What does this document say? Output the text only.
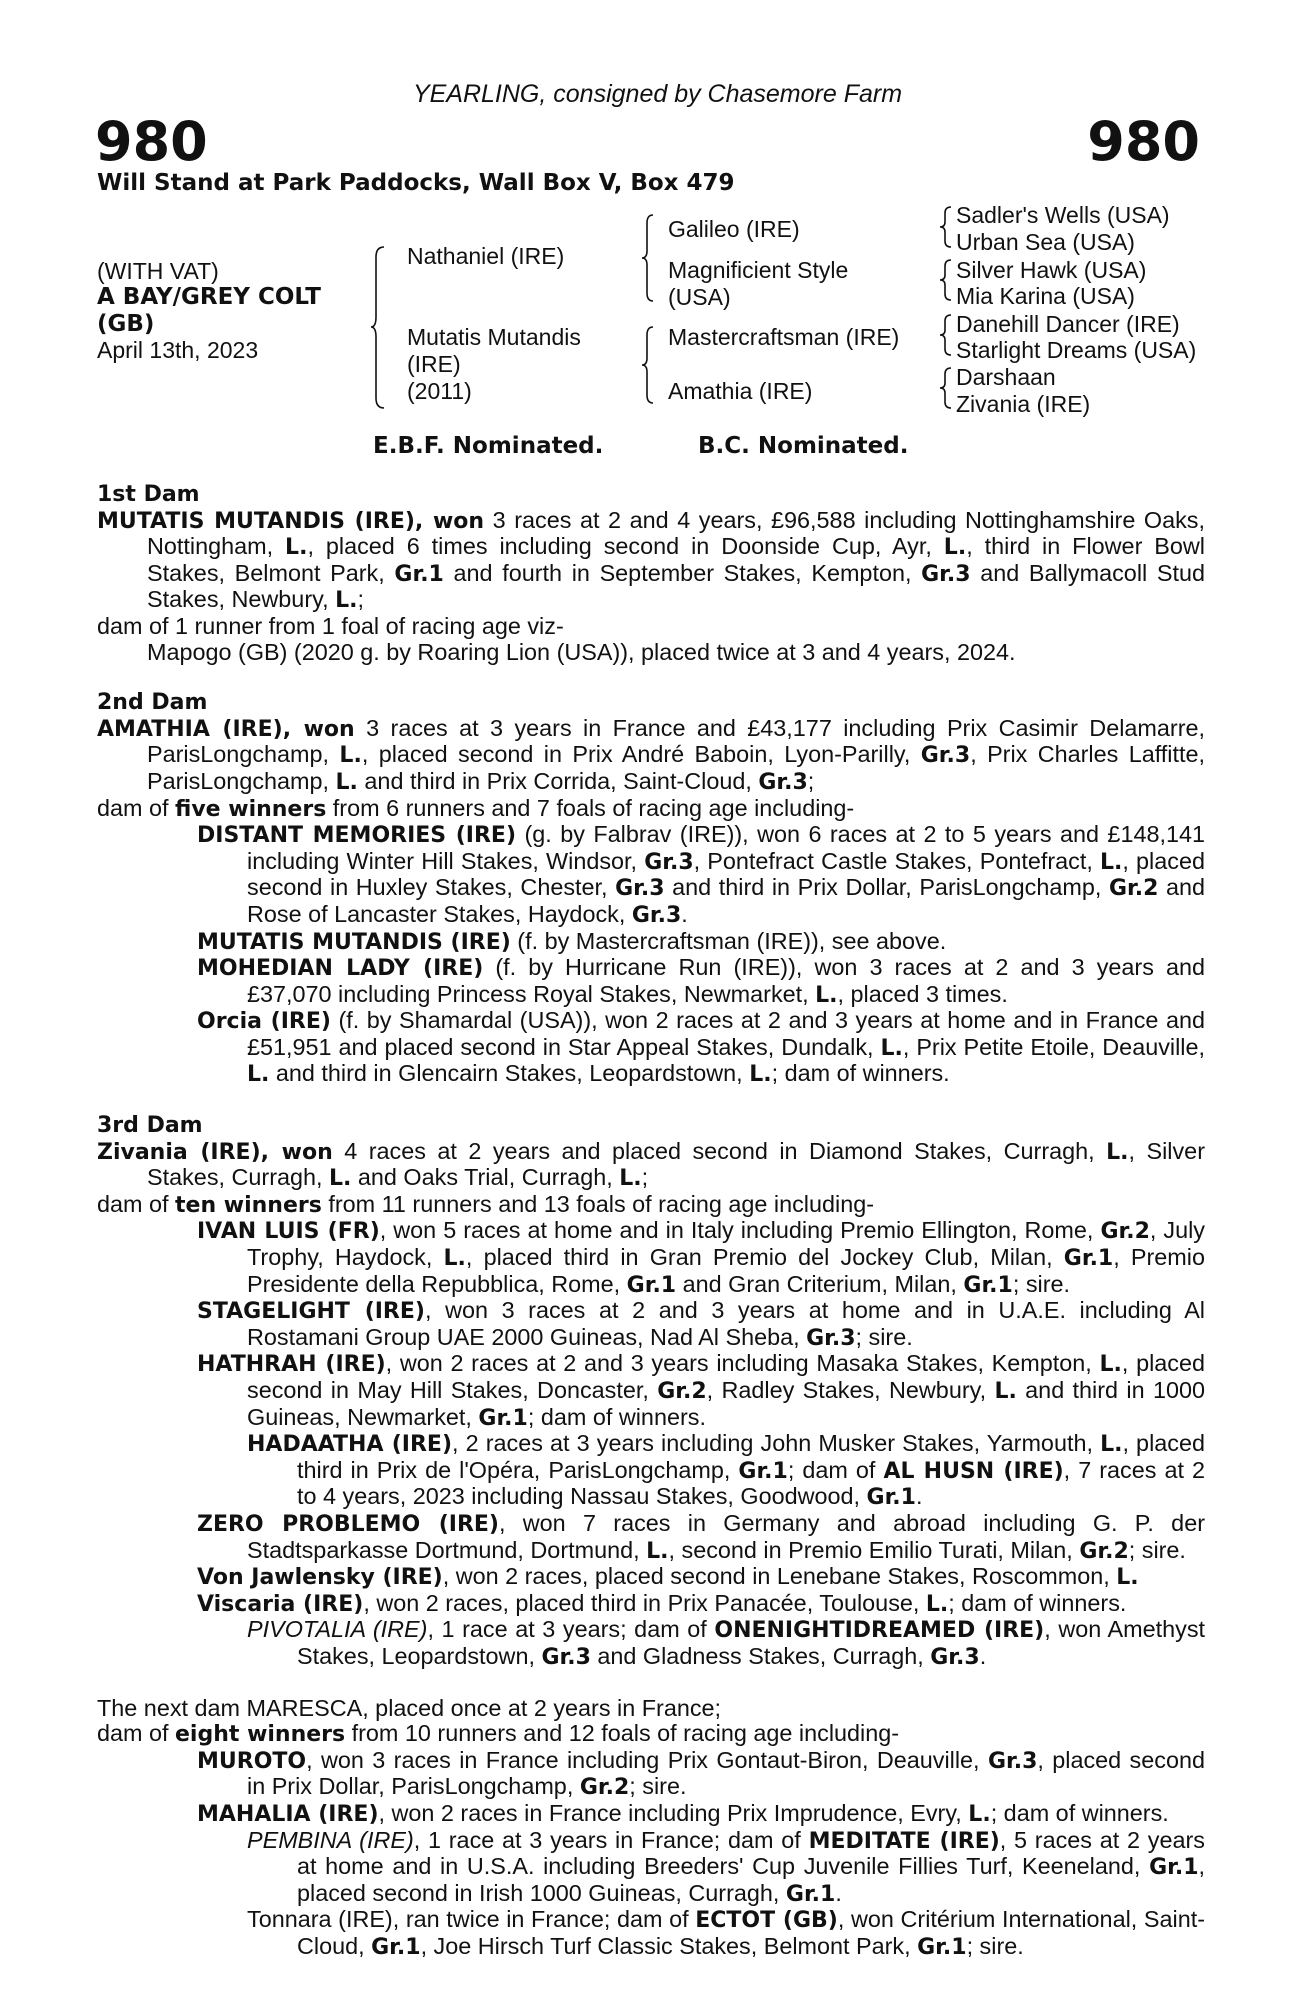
YEARLING, consigned by Chasemore Farm
980	980
Will Stand at Park Paddocks, Wall Box V, Box 479
(WITH VAT)
A BAY/GREY COLT
(GB)
April 13th, 2023
Nathaniel (IRE)
Mutatis Mutandis
(IRE)
(2011)
Galileo (IRE)
Magnificient Style
(USA)
Mastercraftsman (IRE)
Amathia (IRE)
Sadler's Wells (USA)
Urban Sea (USA)
Silver Hawk (USA)
Mia Karina (USA)
Danehill Dancer (IRE)
Starlight Dreams (USA)
Darshaan
Zivania (IRE)
E.B.F. Nominated.	B.C. Nominated.

1st Dam

MUTATIS MUTANDIS (IRE), won 3 races at 2 and 4 years, £96,588 including Nottinghamshire Oaks, Nottingham, L., placed 6 times including second in Doonside Cup, Ayr, L., third in Flower Bowl Stakes, Belmont Park, Gr.1 and fourth in September Stakes, Kempton, Gr.3 and Ballymacoll Stud Stakes, Newbury, L.;

dam of 1 runner from 1 foal of racing age viz-

Mapogo (GB) (2020 g. by Roaring Lion (USA)), placed twice at 3 and 4 years, 2024.

2nd Dam

AMATHIA (IRE), won 3 races at 3 years in France and £43,177 including Prix Casimir Delamarre, ParisLongchamp, L., placed second in Prix André Baboin, Lyon-Parilly, Gr.3, Prix Charles Laffitte, ParisLongchamp, L. and third in Prix Corrida, Saint-Cloud, Gr.3;

dam of five winners from 6 runners and 7 foals of racing age including-

DISTANT MEMORIES (IRE) (g. by Falbrav (IRE)), won 6 races at 2 to 5 years and £148,141 including Winter Hill Stakes, Windsor, Gr.3, Pontefract Castle Stakes, Pontefract, L., placed second in Huxley Stakes, Chester, Gr.3 and third in Prix Dollar, ParisLongchamp, Gr.2 and Rose of Lancaster Stakes, Haydock, Gr.3.

MUTATIS MUTANDIS (IRE) (f. by Mastercraftsman (IRE)), see above.

MOHEDIAN LADY (IRE) (f. by Hurricane Run (IRE)), won 3 races at 2 and 3 years and £37,070 including Princess Royal Stakes, Newmarket, L., placed 3 times.

Orcia (IRE) (f. by Shamardal (USA)), won 2 races at 2 and 3 years at home and in France and £51,951 and placed second in Star Appeal Stakes, Dundalk, L., Prix Petite Etoile, Deauville, L. and third in Glencairn Stakes, Leopardstown, L.; dam of winners.

3rd Dam

Zivania (IRE), won 4 races at 2 years and placed second in Diamond Stakes, Curragh, L., Silver Stakes, Curragh, L. and Oaks Trial, Curragh, L.;

dam of ten winners from 11 runners and 13 foals of racing age including-

IVAN LUIS (FR), won 5 races at home and in Italy including Premio Ellington, Rome, Gr.2, July Trophy, Haydock, L., placed third in Gran Premio del Jockey Club, Milan, Gr.1, Premio Presidente della Repubblica, Rome, Gr.1 and Gran Criterium, Milan, Gr.1; sire.

STAGELIGHT (IRE), won 3 races at 2 and 3 years at home and in U.A.E. including Al Rostamani Group UAE 2000 Guineas, Nad Al Sheba, Gr.3; sire.

HATHRAH (IRE), won 2 races at 2 and 3 years including Masaka Stakes, Kempton, L., placed second in May Hill Stakes, Doncaster, Gr.2, Radley Stakes, Newbury, L. and third in 1000 Guineas, Newmarket, Gr.1; dam of winners.

HADAATHA (IRE), 2 races at 3 years including John Musker Stakes, Yarmouth, L., placed third in Prix de l'Opéra, ParisLongchamp, Gr.1; dam of AL HUSN (IRE), 7 races at 2 to 4 years, 2023 including Nassau Stakes, Goodwood, Gr.1.

ZERO PROBLEMO (IRE), won 7 races in Germany and abroad including G. P. der Stadtsparkasse Dortmund, Dortmund, L., second in Premio Emilio Turati, Milan, Gr.2; sire.

Von Jawlensky (IRE), won 2 races, placed second in Lenebane Stakes, Roscommon, L.

Viscaria (IRE), won 2 races, placed third in Prix Panacée, Toulouse, L.; dam of winners.

PIVOTALIA (IRE), 1 race at 3 years; dam of ONENIGHTIDREAMED (IRE), won Amethyst Stakes, Leopardstown, Gr.3 and Gladness Stakes, Curragh, Gr.3.

The next dam MARESCA, placed once at 2 years in France;

dam of eight winners from 10 runners and 12 foals of racing age including-

MUROTO, won 3 races in France including Prix Gontaut-Biron, Deauville, Gr.3, placed second in Prix Dollar, ParisLongchamp, Gr.2; sire.

MAHALIA (IRE), won 2 races in France including Prix Imprudence, Evry, L.; dam of winners.

PEMBINA (IRE), 1 race at 3 years in France; dam of MEDITATE (IRE), 5 races at 2 years at home and in U.S.A. including Breeders' Cup Juvenile Fillies Turf, Keeneland, Gr.1, placed second in Irish 1000 Guineas, Curragh, Gr.1.

Tonnara (IRE), ran twice in France; dam of ECTOT (GB), won Critérium International, Saint-Cloud, Gr.1, Joe Hirsch Turf Classic Stakes, Belmont Park, Gr.1; sire.
